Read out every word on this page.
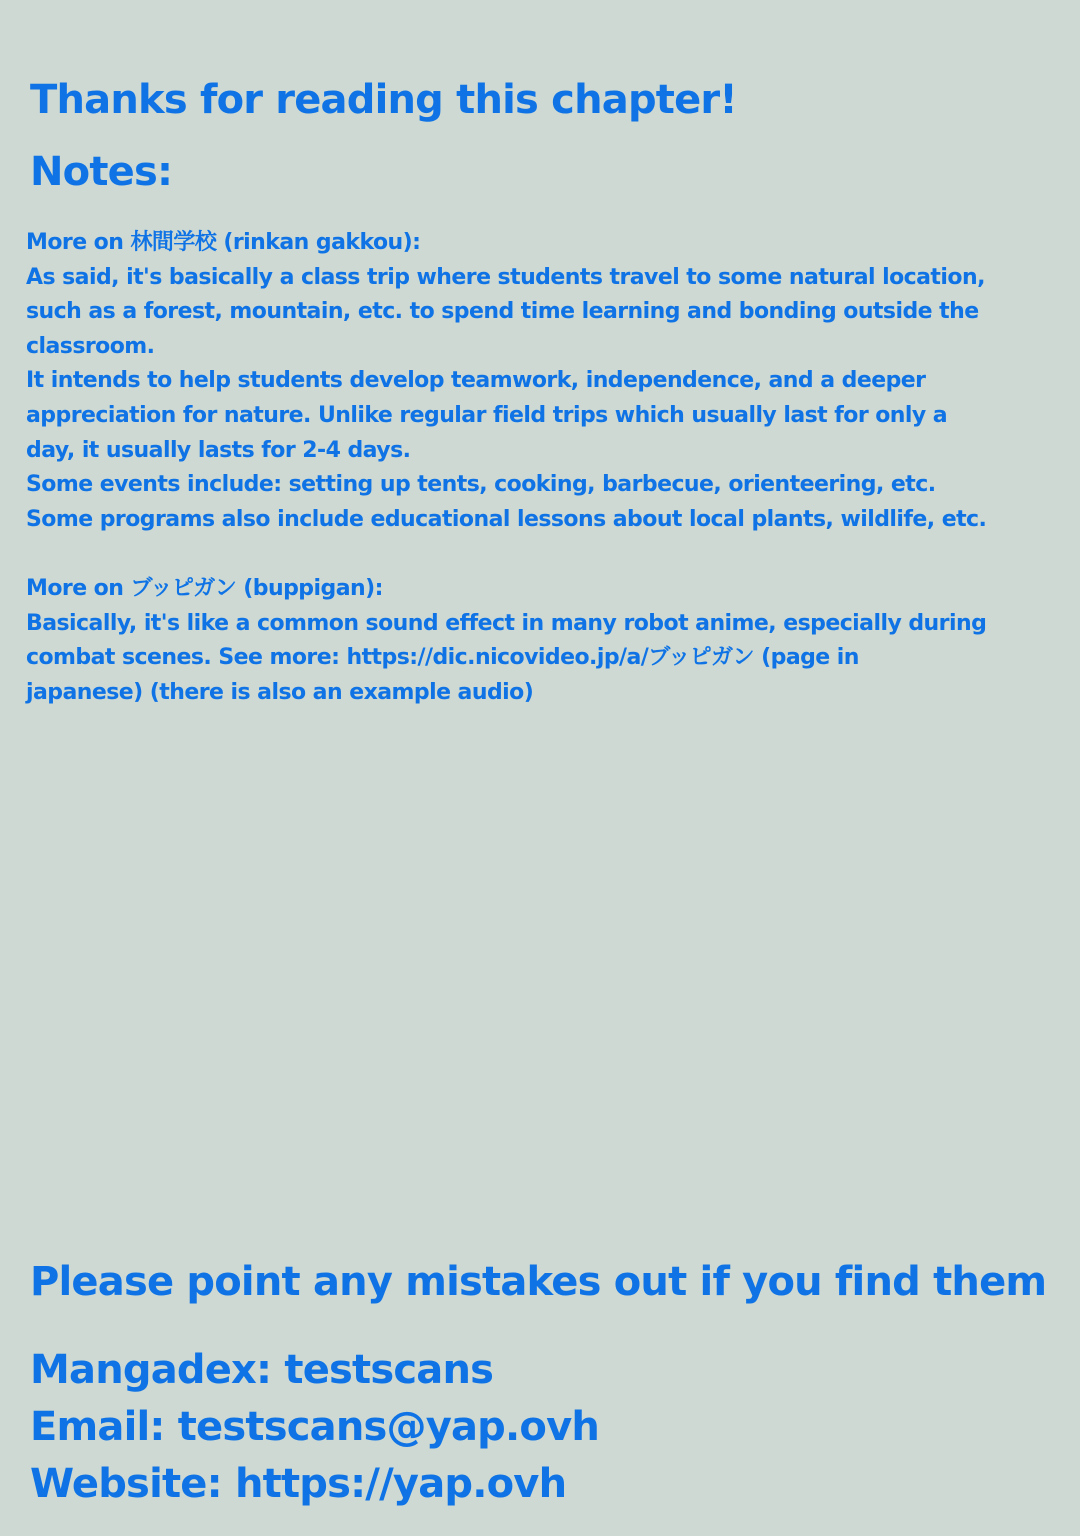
Thanks for reading this chapter!
Notes:
More on 林間学校 (rinkan gakkou):
As said, it's basically a class trip where students travel to some natural location,
such as a forest, mountain, etc. to spend time learning and bonding outside the
classroom.
It intends to help students develop teamwork, independence, and a deeper
appreciation for nature. Unlike regular field trips which usually last for only a
day, it usually lasts for 2-4 days.
Some events include: setting up tents, cooking, barbecue, orienteering, etc.
Some programs also include educational lessons about local plants, wildlife, etc.
More on ブッピガン (buppigan):
Basically, it's like a common sound effect in many robot anime, especially during
combat scenes. See more: https://dic.nicovideo.jp/a/ブッピガン (page in
japanese) (there is also an example audio)
Please point any mistakes out if you find them
Mangadex: testscans
Email: testscans@yap.ovh
Website: https://yap.ovh
